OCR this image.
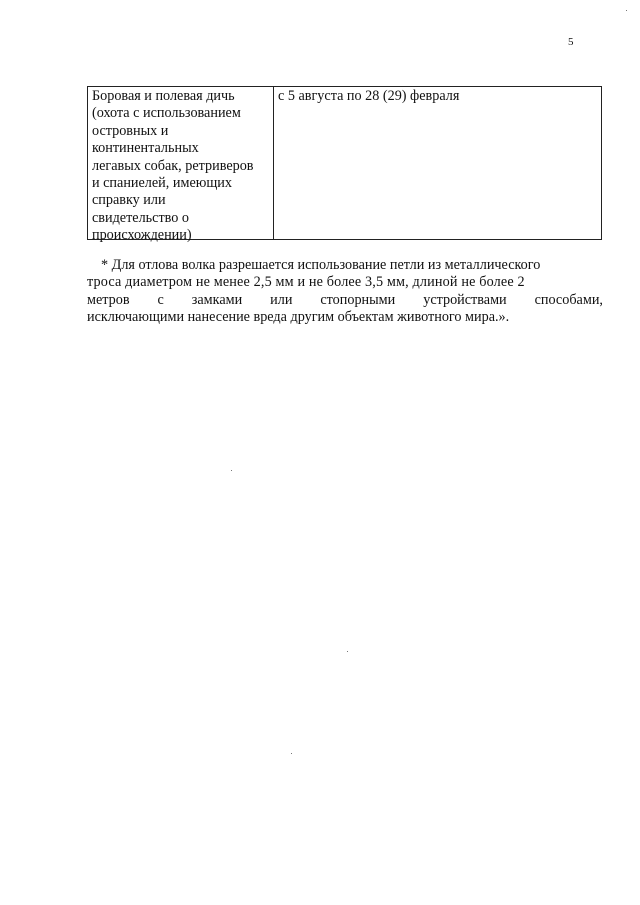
5
Боровая и полевая дичь
(охота с использованием
островных и
континентальных
легавых собак, ретриверов
и спаниелей, имеющих
справку или
свидетельство о
происхождении)
с 5 августа по 28 (29) февраля
* Для отлова волка разрешается использование петли из металлического
троса диаметром не менее 2,5 мм и не более 3,5 мм, длиной не более 2
метров с замками или стопорными устройствами способами,
исключающими нанесение вреда другим объектам животного мира.».
